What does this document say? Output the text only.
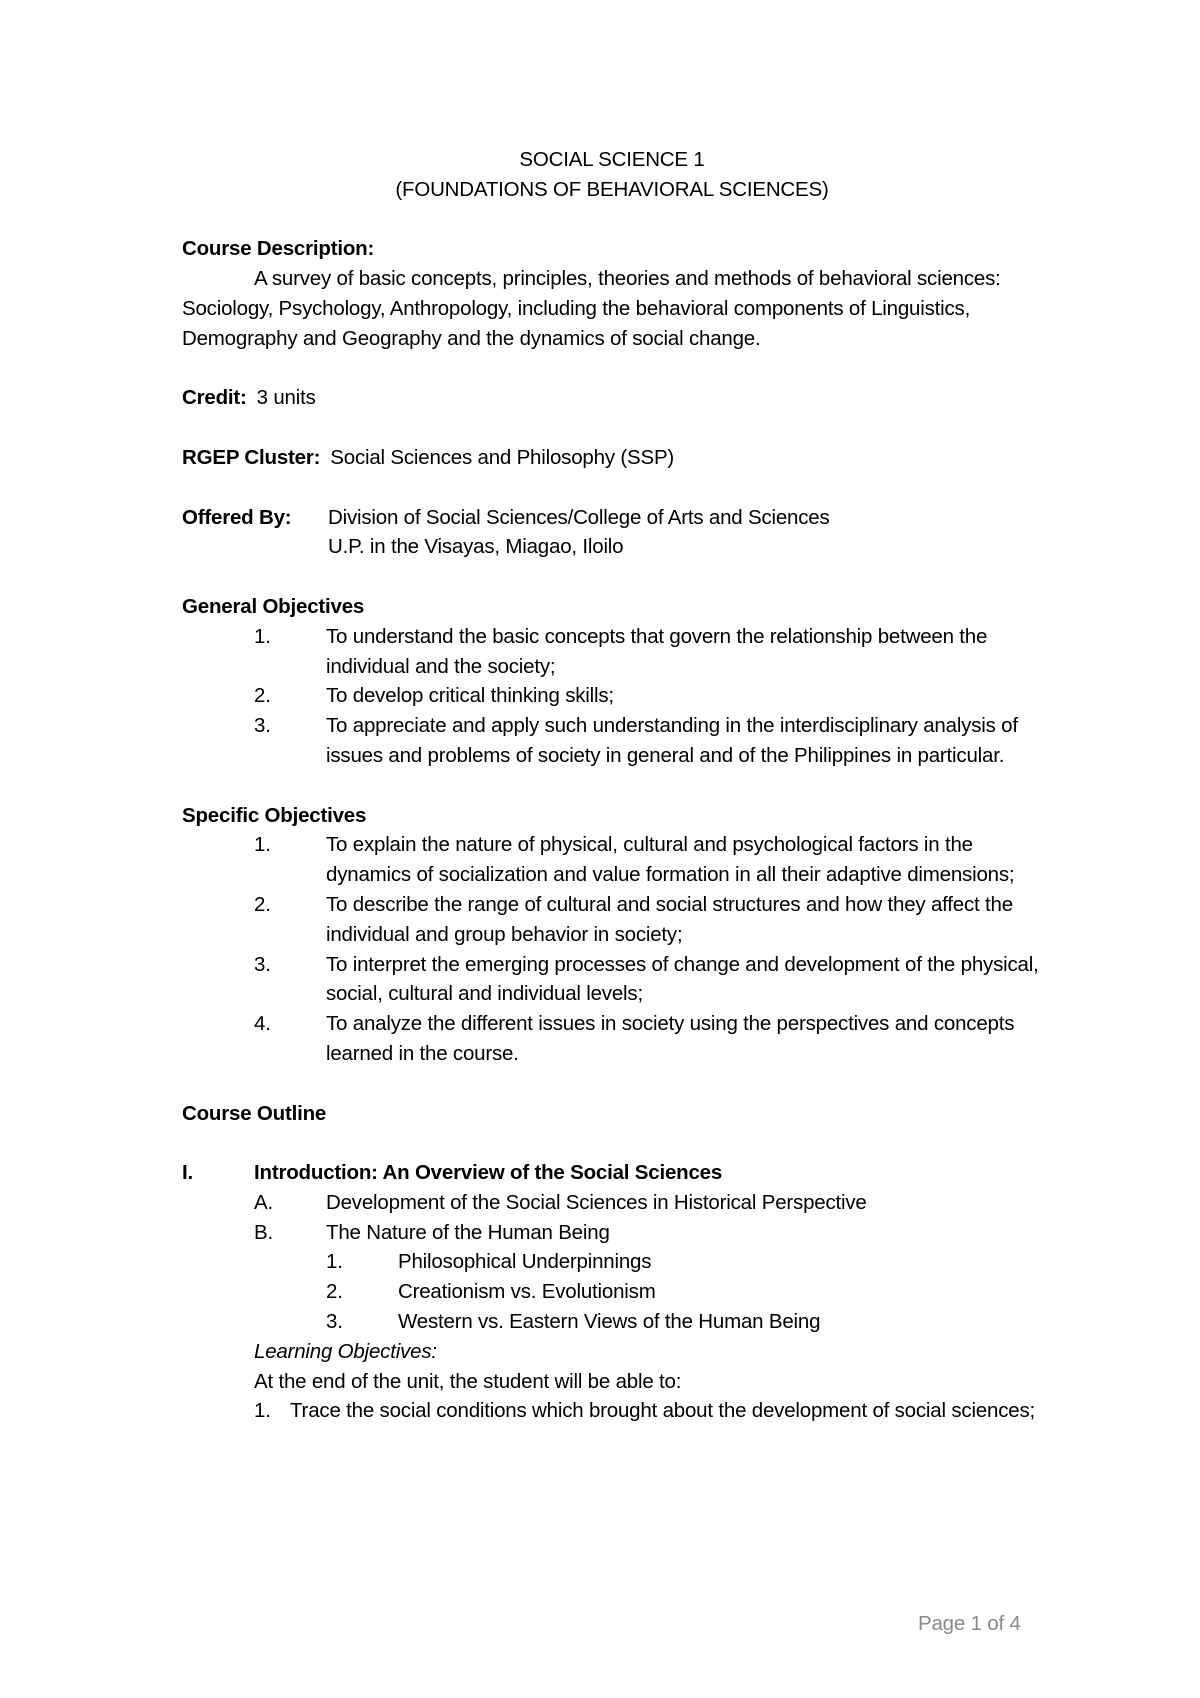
SOCIAL SCIENCE 1

(FOUNDATIONS OF BEHAVIORAL SCIENCES)

Course Description:

A survey of basic concepts, principles, theories and methods of behavioral sciences: Sociology, Psychology, Anthropology, including the behavioral components of Linguistics, Demography and Geography and the dynamics of social change.

Credit: 3 units
RGEP Cluster: Social Sciences and Philosophy (SSP)
Offered By:	Division of Social Sciences/College of Arts and Sciences

U.P. in the Visayas, Miagao, Iloilo

General Objectives

1.	To understand the basic concepts that govern the relationship between the individual and the society;
2.	To develop critical thinking skills;
3.	To appreciate and apply such understanding in the interdisciplinary analysis of issues and problems of society in general and of the Philippines in particular.

Specific Objectives

1.	To explain the nature of physical, cultural and psychological factors in the dynamics of socialization and value formation in all their adaptive dimensions;
2.	To describe the range of cultural and social structures and how they affect the individual and group behavior in society;
3.	To interpret the emerging processes of change and development of the physical, social, cultural and individual levels;
4.	To analyze the different issues in society using the perspectives and concepts learned in the course.

Course Outline

I.	Introduction: An Overview of the Social Sciences
A.	Development of the Social Sciences in Historical Perspective
B.	The Nature of the Human Being
1.	Philosophical Underpinnings
2.	Creationism vs. Evolutionism
3.	Western vs. Eastern Views of the Human Being

Learning Objectives:

At the end of the unit, the student will be able to:

1. Trace the social conditions which brought about the development of social sciences;
Page 1 of 4
